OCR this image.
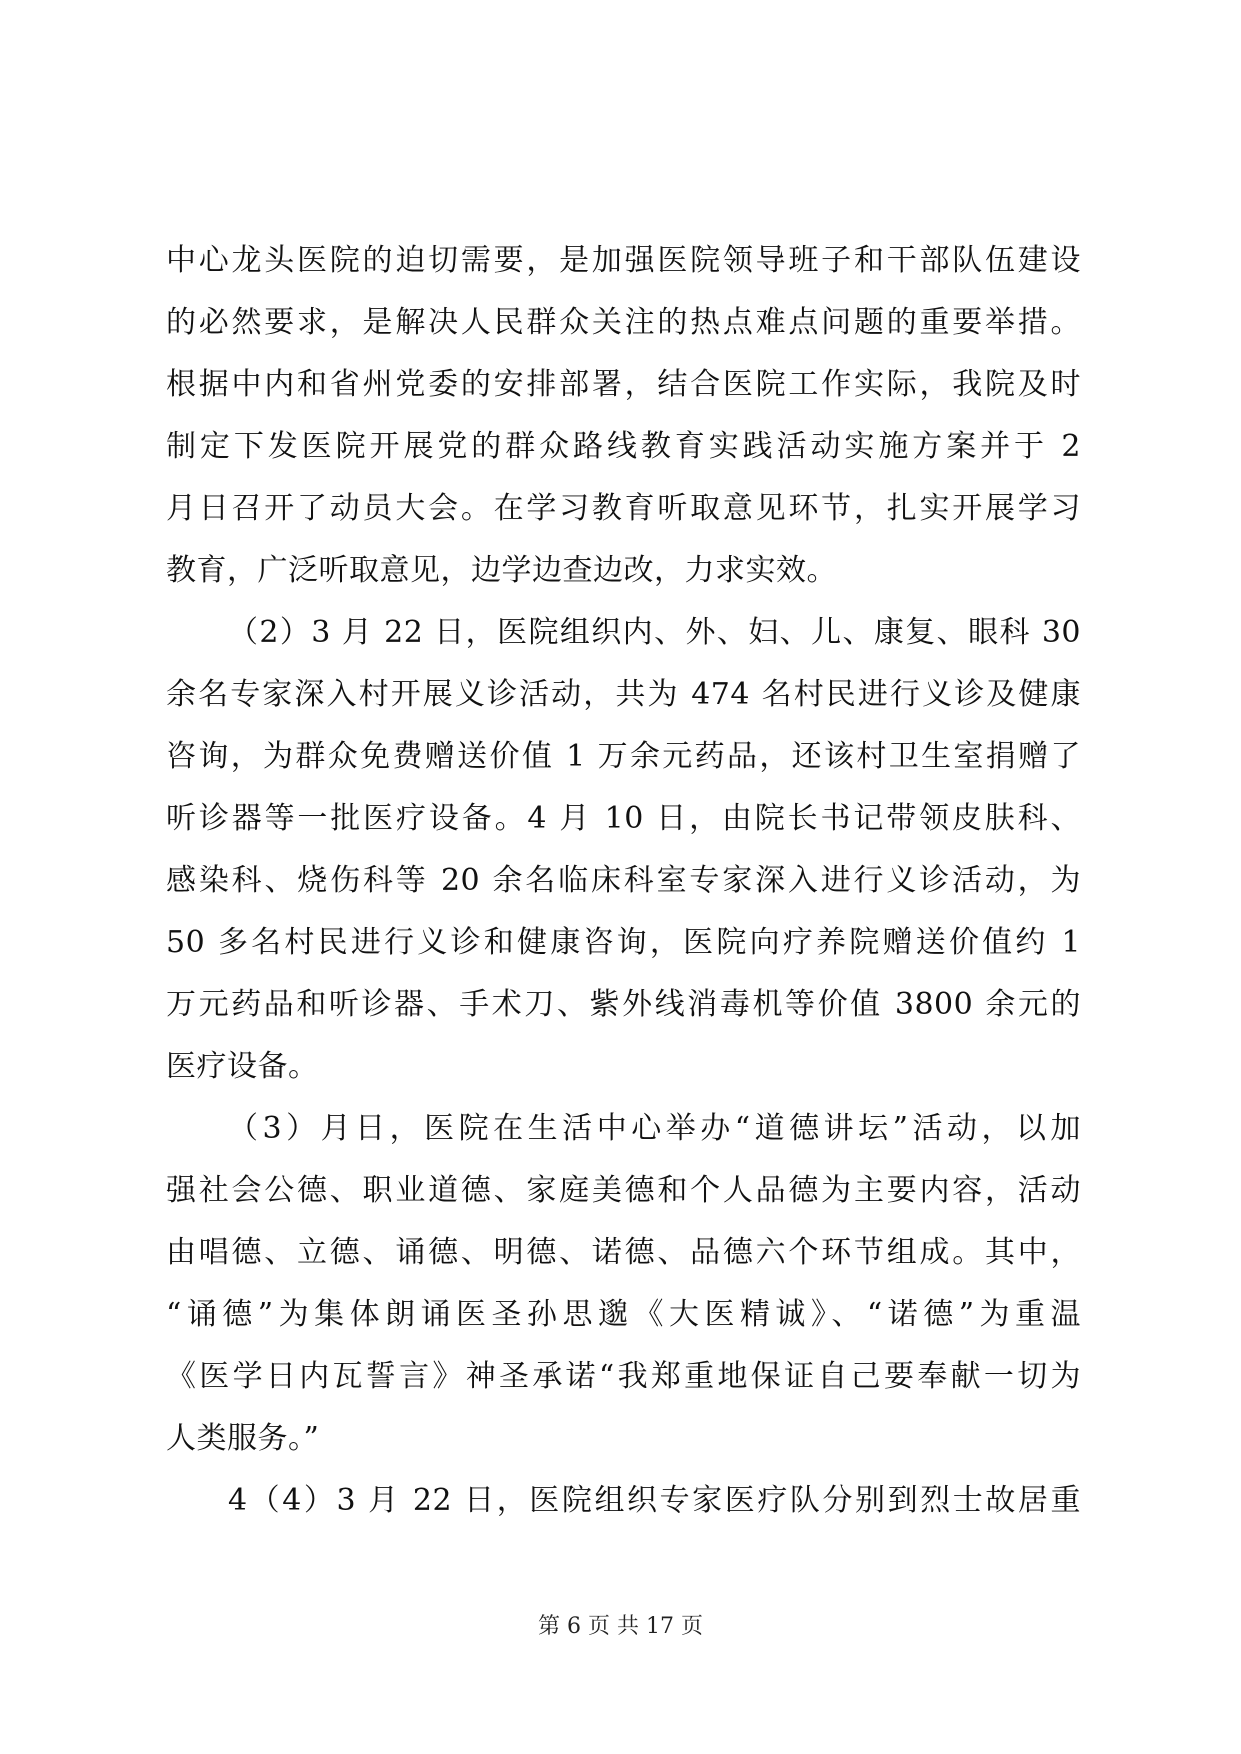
中心龙头医院的迫切需要，是加强医院领导班子和干部队伍建设
的必然要求，是解决人民群众关注的热点难点问题的重要举措。
根据中内和省州党委的安排部署，结合医院工作实际，我院及时
制定下发医院开展党的群众路线教育实践活动实施方案并于 2
月日召开了动员大会。在学习教育听取意见环节，扎实开展学习
教育，广泛听取意见，边学边查边改，力求实效。
（2）3 月 22 日，医院组织内、外、妇、儿、康复、眼科 30
余名专家深入村开展义诊活动，共为 474 名村民进行义诊及健康
咨询，为群众免费赠送价值 1 万余元药品，还该村卫生室捐赠了
听诊器等一批医疗设备。4 月 10 日，由院长书记带领皮肤科、
感染科、烧伤科等 20 余名临床科室专家深入进行义诊活动，为
50 多名村民进行义诊和健康咨询，医院向疗养院赠送价值约 1
万元药品和听诊器、手术刀、紫外线消毒机等价值 3800 余元的
医疗设备。
（3）月日，医院在生活中心举办“道德讲坛”活动，以加
强社会公德、职业道德、家庭美德和个人品德为主要内容，活动
由唱德、立德、诵德、明德、诺德、品德六个环节组成。其中，
“诵德”为集体朗诵医圣孙思邈《大医精诚》、“诺德”为重温
《医学日内瓦誓言》神圣承诺“我郑重地保证自己要奉献一切为
人类服务。”
4（4）3 月 22 日，医院组织专家医疗队分别到烈士故居重
第 6 页 共 17 页
